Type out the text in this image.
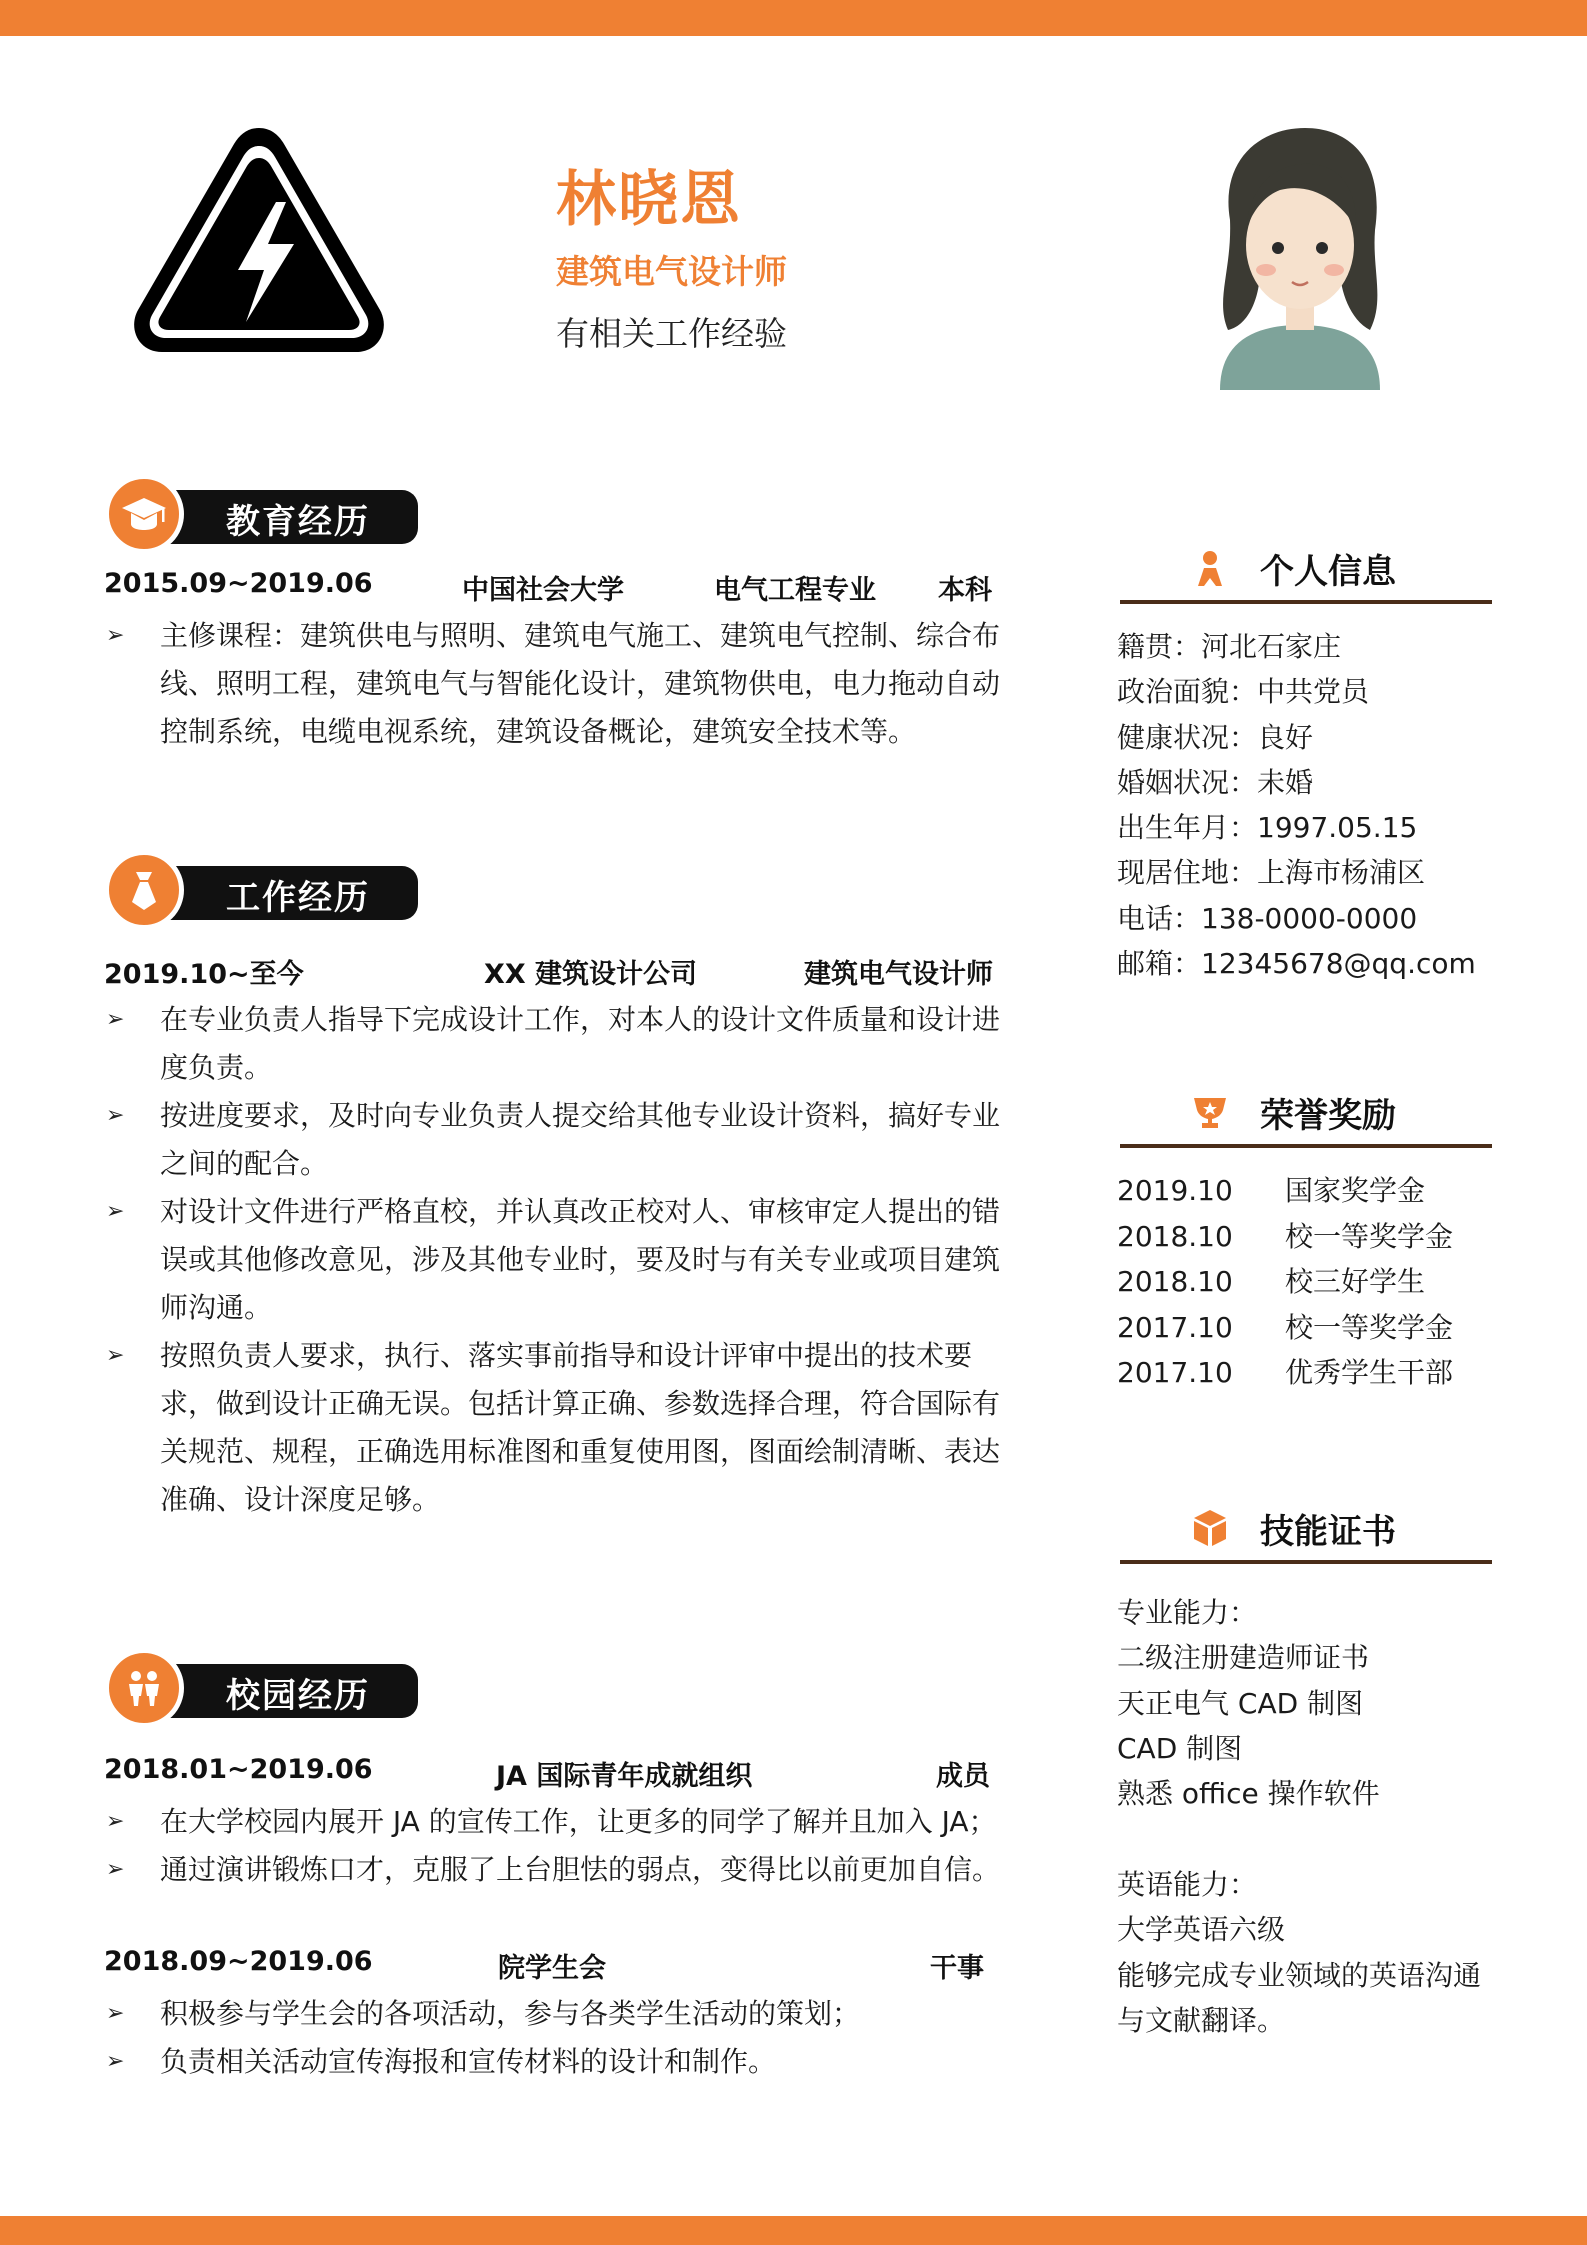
林晓恩
建筑电气设计师
有相关工作经验
教育经历
2015.09~2019.06	中国社会大学	电气工程专业 本科
➢ 主修课程：建筑供电与照明、建筑电气施工、建筑电气控制、综合布线、照明工程，建筑电气与智能化设计，建筑物供电，电力拖动自动控制系统，电缆电视系统，建筑设备概论，建筑安全技术等。
工作经历
2019.10~至今	XX 建筑设计公司	建筑电气设计师
➢ 在专业负责人指导下完成设计工作，对本人的设计文件质量和设计进度负责。
➢ 按进度要求，及时向专业负责人提交给其他专业设计资料，搞好专业之间的配合。
➢ 对设计文件进行严格直校，并认真改正校对人、审核审定人提出的错误或其他修改意见，涉及其他专业时，要及时与有关专业或项目建筑师沟通。
➢ 按照负责人要求，执行、落实事前指导和设计评审中提出的技术要求，做到设计正确无误。包括计算正确、参数选择合理，符合国际有关规范、规程，正确选用标准图和重复使用图，图面绘制清晰、表达准确、设计深度足够。
校园经历
2018.01~2019.06	JA 国际青年成就组织	成员
➢ 在大学校园内展开 JA 的宣传工作，让更多的同学了解并且加入 JA；
➢ 通过演讲锻炼口才，克服了上台胆怯的弱点，变得比以前更加自信。
2018.09~2019.06	院学生会	干事
➢ 积极参与学生会的各项活动，参与各类学生活动的策划；
➢ 负责相关活动宣传海报和宣传材料的设计和制作。
个人信息
籍贯：河北石家庄
政治面貌：中共党员
健康状况：良好
婚姻状况：未婚
出生年月：1997.05.15
现居住地：上海市杨浦区
电话：138-0000-0000
邮箱：12345678@qq.com
荣誉奖励
2019.10 国家奖学金
2018.10 校一等奖学金
2018.10 校三好学生
2017.10 校一等奖学金
2017.10 优秀学生干部
技能证书
专业能力：
二级注册建造师证书
天正电气 CAD 制图
CAD 制图
熟悉 office 操作软件
英语能力：
大学英语六级
能够完成专业领域的英语沟通
与文献翻译。
